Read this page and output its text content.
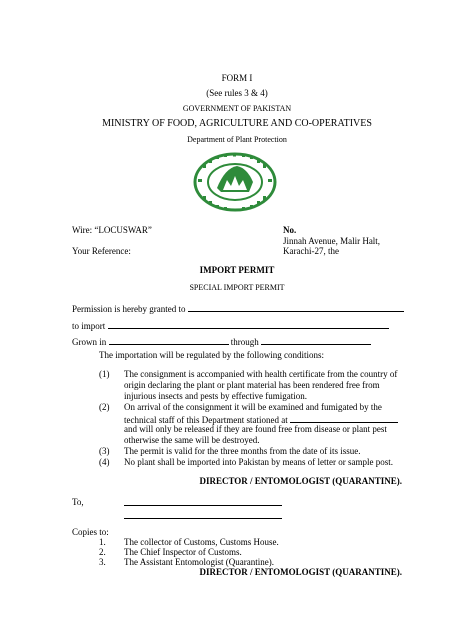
FORM I
(See rules 3 & 4)
GOVERNMENT OF PAKISTAN
MINISTRY OF FOOD, AGRICULTURE AND CO-OPERATIVES
Department of Plant Protection
Wire: “LOCUSWAR”	No.
Jinnah Avenue, Malir Halt,
Your Reference:	Karachi-27, the
IMPORT PERMIT
SPECIAL IMPORT PERMIT
Permission is hereby granted to
to import
Grown in	through
The importation will be regulated by the following conditions:
(1) The consignment is accompanied with health certificate from the country of
origin declaring the plant or plant material has been rendered free from
injurious insects and pests by effective fumigation.
(2) On arrival of the consignment it will be examined and fumigated by the
technical staff of this Department stationed at
and will only be released if they are found free from disease or plant pest
otherwise the same will be destroyed.
(3) The permit is valid for the three months from the date of its issue.
(4) No plant shall be imported into Pakistan by means of letter or sample post.
DIRECTOR / ENTOMOLOGIST (QUARANTINE).
To,
Copies to:
1. The collector of Customs, Customs House.
2. The Chief Inspector of Customs.
3. The Assistant Entomologist (Quarantine).
DIRECTOR / ENTOMOLOGIST (QUARANTINE).
